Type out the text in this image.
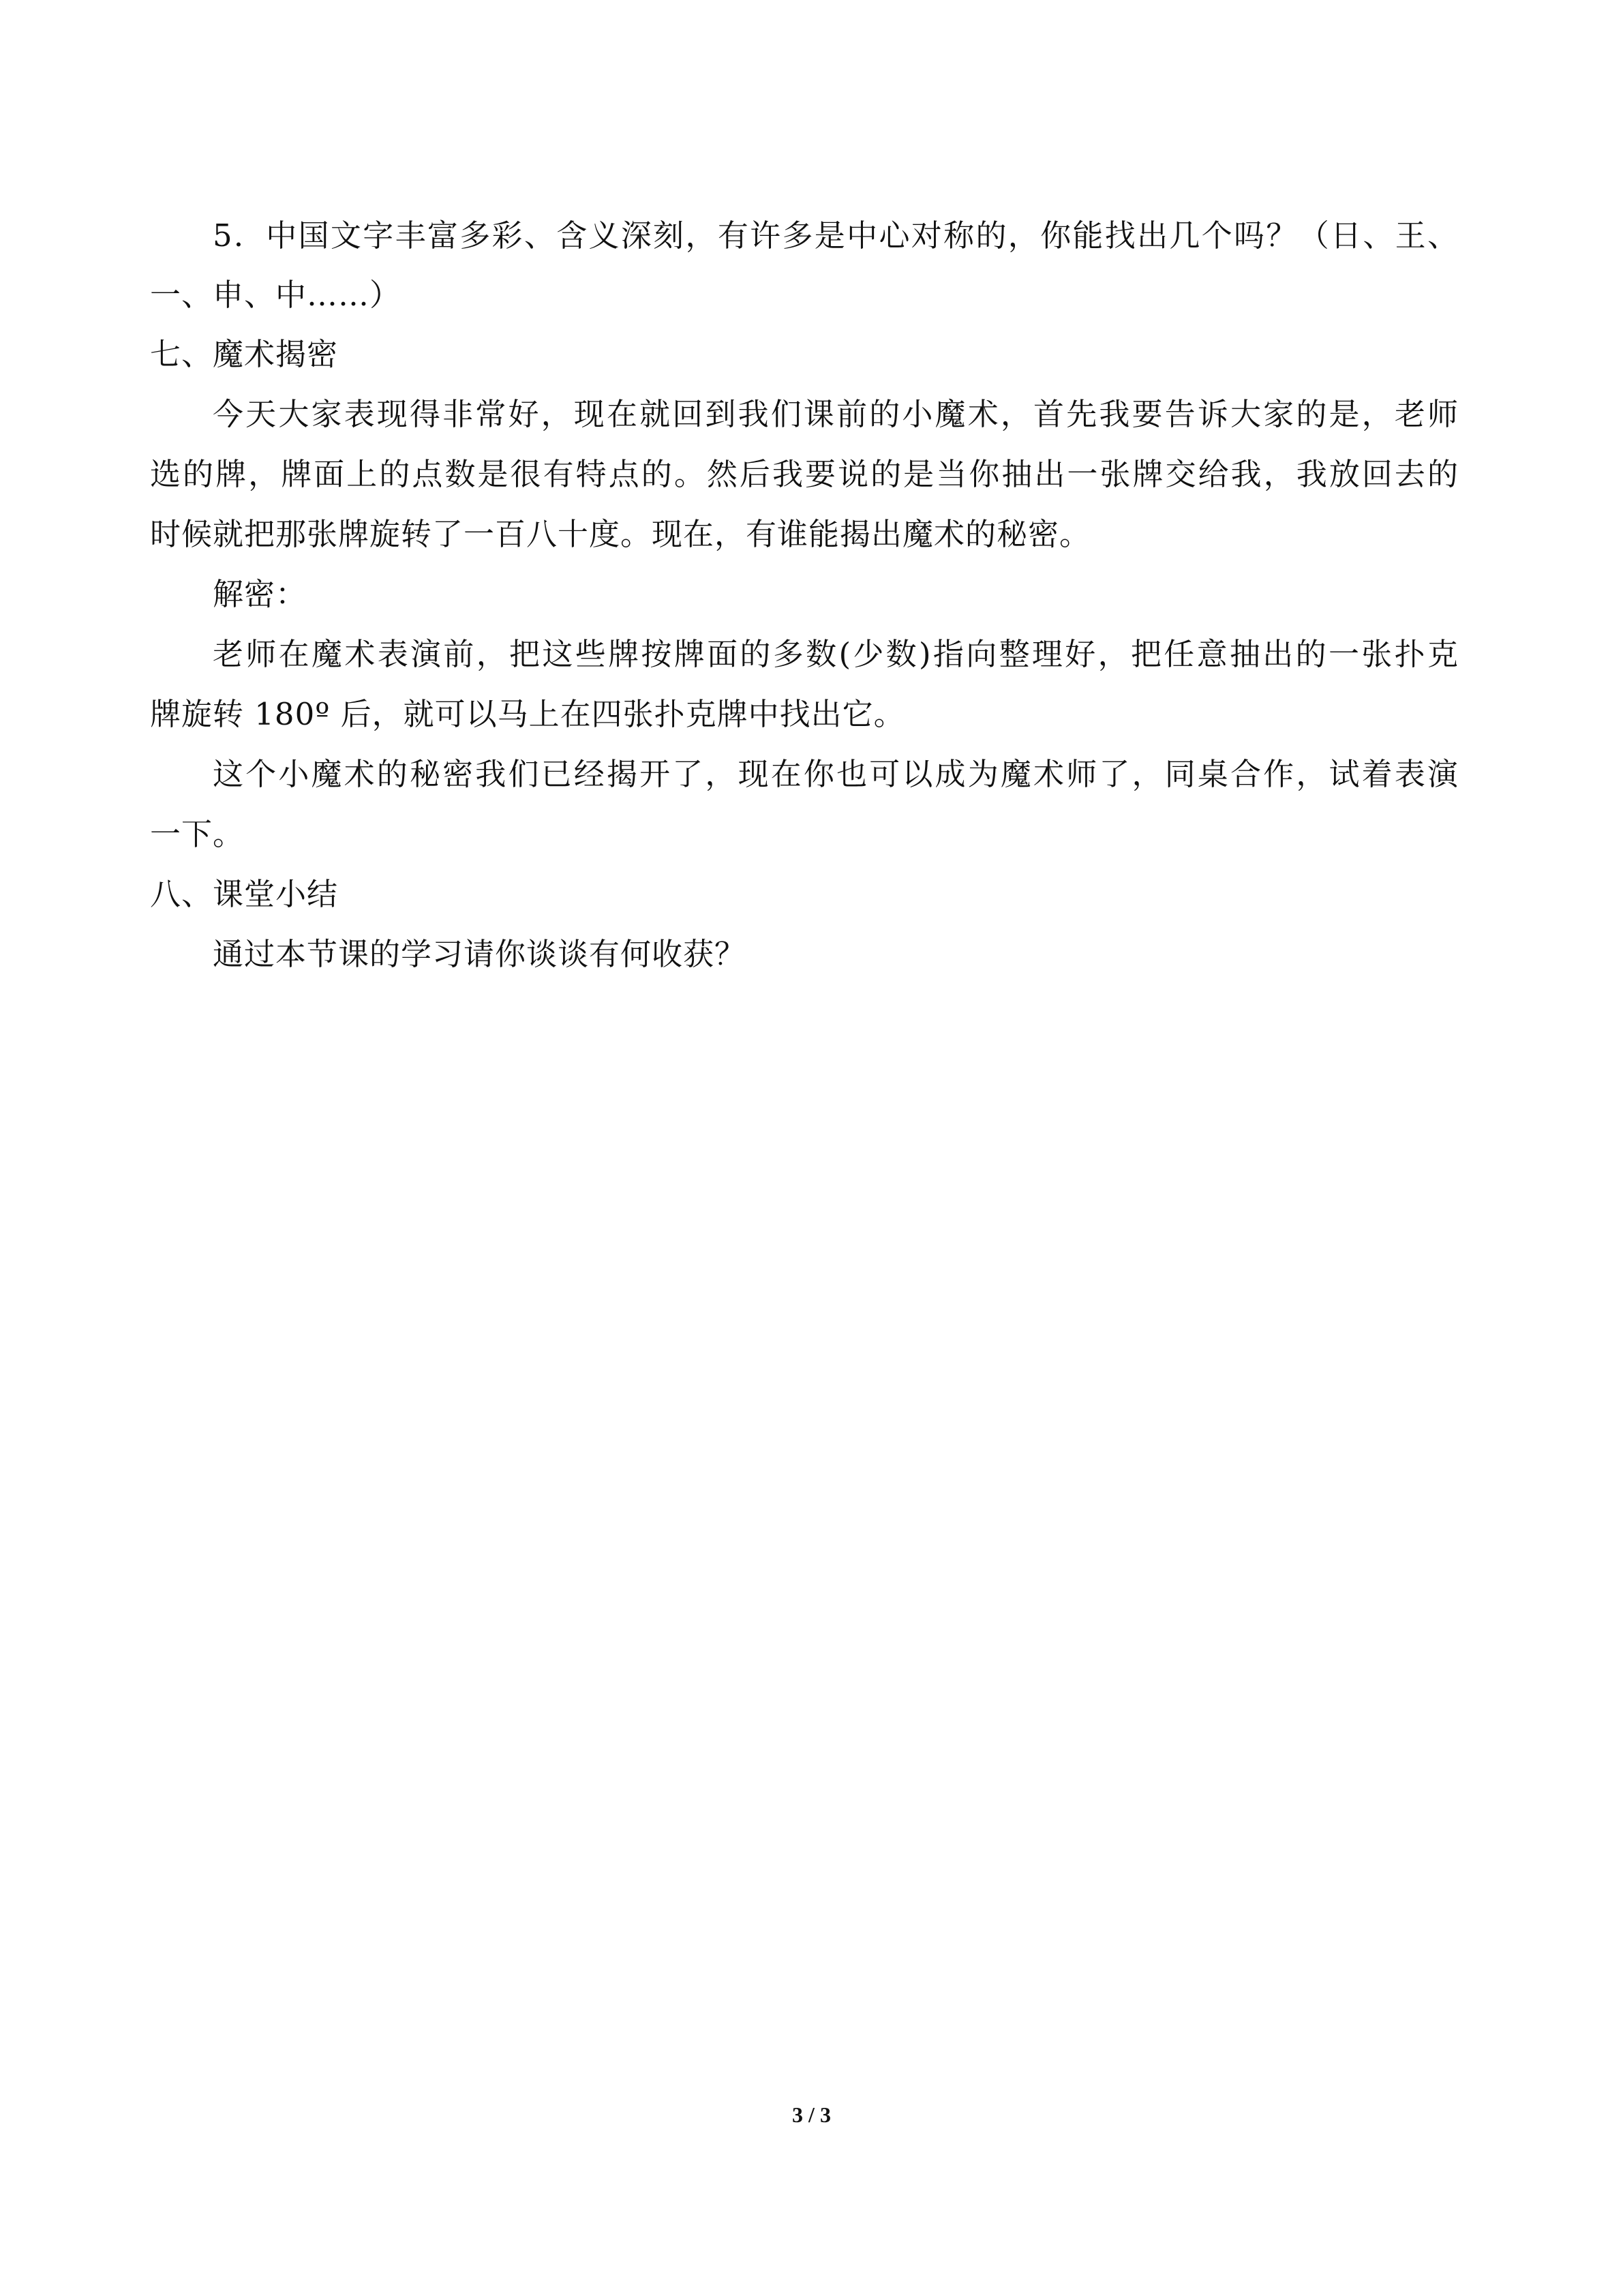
5．中国文字丰富多彩、含义深刻，有许多是中心对称的，你能找出几个吗？（日、王、
一、申、中……）
七、魔术揭密
今天大家表现得非常好，现在就回到我们课前的小魔术，首先我要告诉大家的是，老师
选的牌，牌面上的点数是很有特点的。然后我要说的是当你抽出一张牌交给我，我放回去的
时候就把那张牌旋转了一百八十度。现在，有谁能揭出魔术的秘密。
解密：
老师在魔术表演前，把这些牌按牌面的多数(少数)指向整理好，把任意抽出的一张扑克
牌旋转 180º 后，就可以马上在四张扑克牌中找出它。
这个小魔术的秘密我们已经揭开了，现在你也可以成为魔术师了，同桌合作，试着表演
一下。
八、课堂小结
通过本节课的学习请你谈谈有何收获？
3 / 3
